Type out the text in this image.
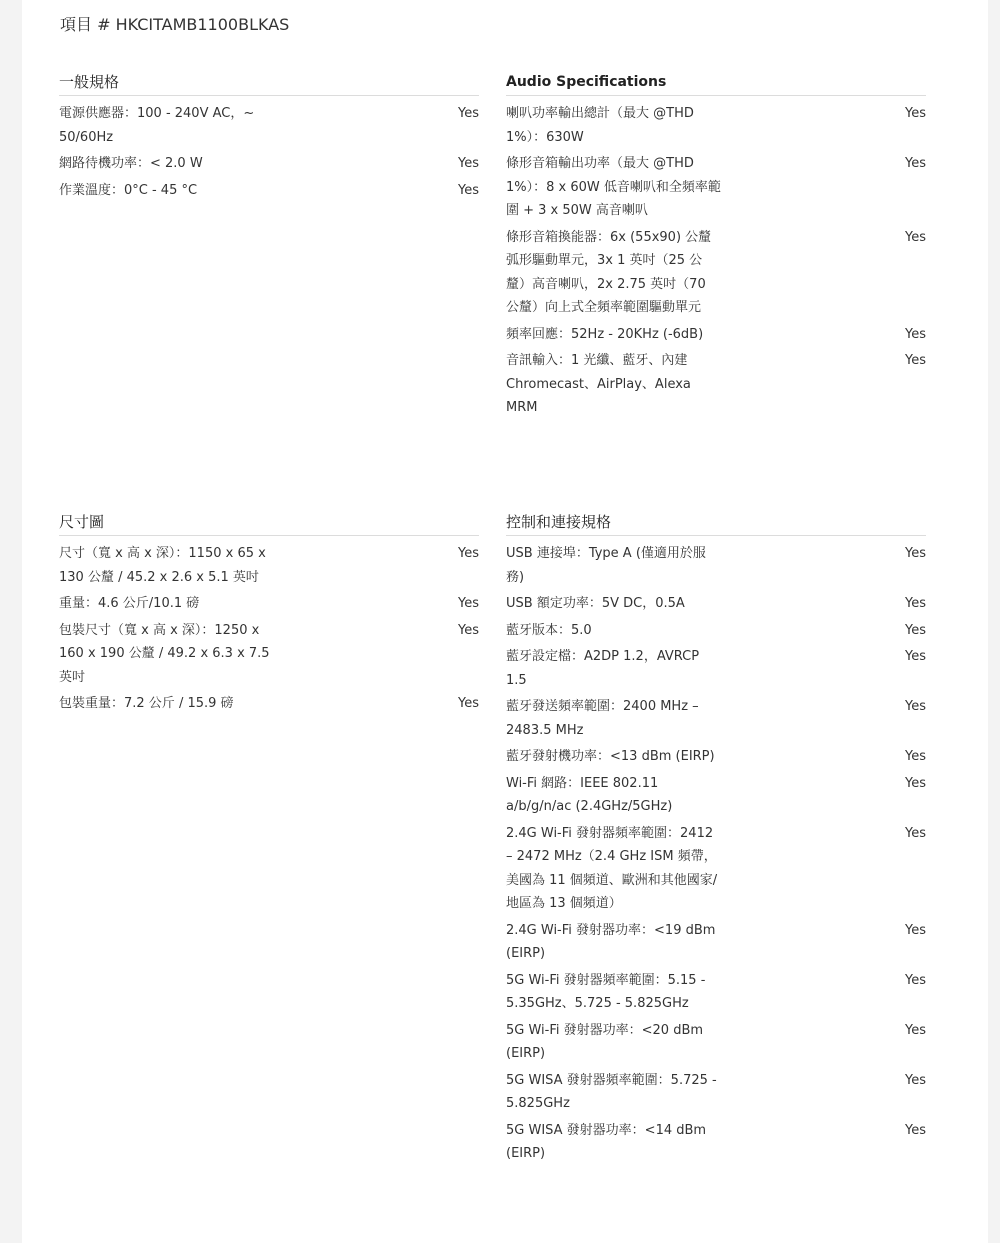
項目 # HKCITAMB1100BLKAS
一般規格
電源供應器：100 - 240V AC，~ 50/60Hz
Yes
網路待機功率：< 2.0 W	Yes
作業溫度：0°C - 45 °C	Yes
Audio Specifications
喇叭功率輸出總計（最大 @THD 1%）：630W
Yes
條形音箱輸出功率（最大 @THD 1%）：8 x 60W 低音喇叭和全頻率範圍 + 3 x 50W 高音喇叭
Yes
條形音箱換能器：6x (55x90) 公釐弧形驅動單元，3x 1 英吋（25 公釐）高音喇叭，2x 2.75 英吋（70 公釐）向上式全頻率範圍驅動單元
Yes
頻率回應：52Hz - 20KHz (-6dB)	Yes
音訊輸入：1 光纖、藍牙、內建 Chromecast、AirPlay、Alexa MRM
Yes
尺寸圖
尺寸（寬 x 高 x 深）：1150 x 65 x 130 公釐 / 45.2 x 2.6 x 5.1 英吋
Yes
重量：4.6 公斤/10.1 磅	Yes
包裝尺寸（寬 x 高 x 深）：1250 x 160 x 190 公釐 / 49.2 x 6.3 x 7.5 英吋
Yes
包裝重量：7.2 公斤 / 15.9 磅	Yes
控制和連接規格
USB 連接埠：Type A (僅適用於服務)
Yes
USB 額定功率：5V DC，0.5A	Yes
藍牙版本：5.0	Yes
藍牙設定檔：A2DP 1.2，AVRCP 1.5
Yes
藍牙發送頻率範圍：2400 MHz – 2483.5 MHz
Yes
藍牙發射機功率：<13 dBm (EIRP)	Yes
Wi-Fi 網路：IEEE 802.11 a/b/g/n/ac (2.4GHz/5GHz)
Yes
2.4G Wi-Fi 發射器頻率範圍：2412 – 2472 MHz（2.4 GHz ISM 頻帶，美國為 11 個頻道、歐洲和其他國家/地區為 13 個頻道）
Yes
2.4G Wi-Fi 發射器功率：<19 dBm (EIRP)
Yes
5G Wi-Fi 發射器頻率範圍：5.15 - 5.35GHz、5.725 - 5.825GHz
Yes
5G Wi-Fi 發射器功率：<20 dBm (EIRP)
Yes
5G WISA 發射器頻率範圍：5.725 - 5.825GHz
Yes
5G WISA 發射器功率：<14 dBm (EIRP)
Yes
